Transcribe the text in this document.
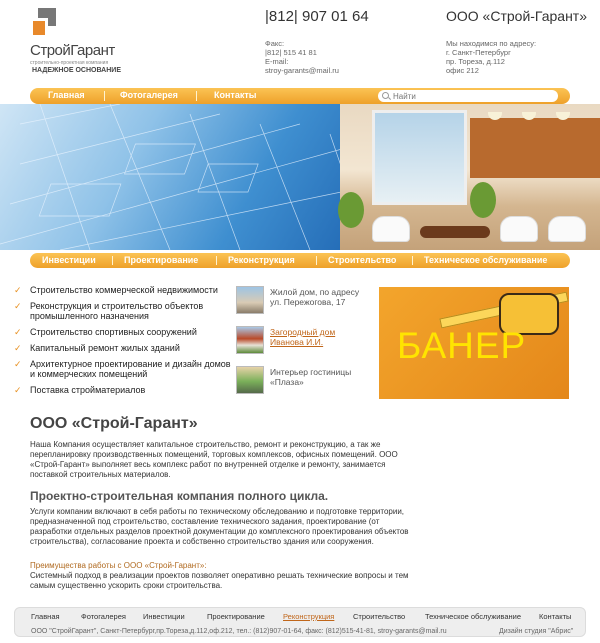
СтройГарант
строительно-проектная компания
НАДЕЖНОЕ ОСНОВАНИЕ
|812| 907 01 64
Факс:
|812| 515 41 81
E-mail:
stroy-garants@mail.ru
ООО «Строй-Гарант»
Мы находимся по адресу:
г. Санкт-Петербург
пр. Тореза, д.112
офис 212
Главная	Фотогалерея	Контакты
Найти
Инвестиции	Проектирование	Реконструкция	Строительство	Техническое обслуживание
✓ Строительство коммерческой недвижимости
✓ Реконструкция и строительство объектов промышленного назначения
✓ Строительство спортивных сооружений
✓ Капитальный ремонт жилых зданий
✓ Архитектурное проектирование и дизайн домов и коммерческих помещений
✓ Поставка стройматериалов
Жилой дом, по адресу ул. Пережогова, 17
Загородный дом Иванова И.И.
Интерьер гостиницы «Плаза»
БАНЕР
ООО «Строй-Гарант»
Наша Компания осуществляет капитальное строительство, ремонт и реконструкцию, а так же перепланировку производственных помещений, торговых комплексов, офисных помещений. ООО «Строй-Гарант» выполняет весь комплекс работ по внутренней отделке и ремонту, занимается поставкой строительных материалов.
Проектно-строительная компания полного цикла.
Услуги компании включают в себя работы по техническому обследованию и подготовке территории, предназначенной под строительство, составление технического задания, проектирование (от разработки отдельных разделов проектной документации до комплексного проектирования объектов строительства), согласование проекта и собственно строительство здания или сооружения.
Преимущества работы с ООО «Строй-Гарант»:
Системный подход в реализации проектов позволяет оперативно решать технические вопросы и тем самым существенно ускорить сроки строительства.
Главная	Фотогалерея Инвестиции	Проектирование Реконструкция Строительство	Техническое обслуживание Контакты
ООО "СтройГарант", Санкт-Петербург,пр.Тореза,д.112,оф.212, тел.: (812)907-01-64, факс: (812)515-41-81, stroy-garants@mail.ru	Дизайн студия "Абрис"
